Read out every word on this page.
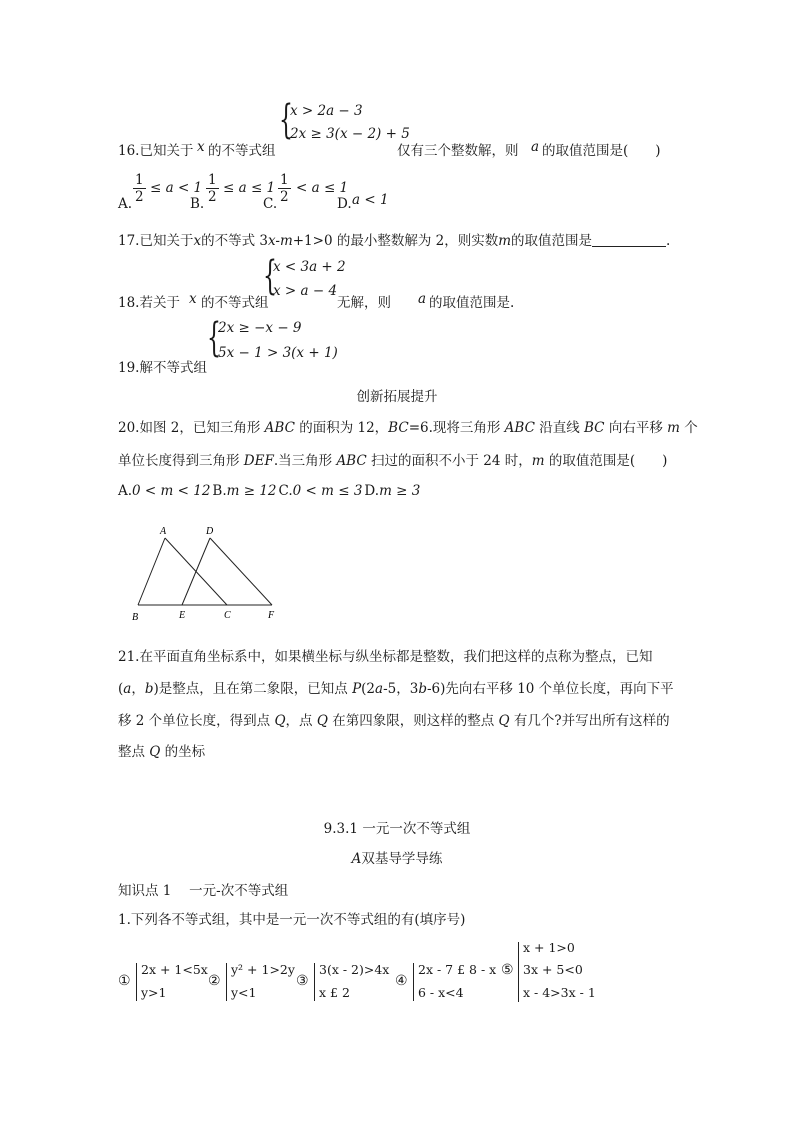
16.已知关于 x 的不等式组
{
x > 2a − 3
2x ≥ 3(x − 2) + 5
仅有三个整数解，则 a 的取值范围是(　　)
A. $\frac{1}{2} \le a < 1$
B. $\frac{1}{2} \le a \le 1$
C. $\frac{1}{2} < a \le 1$
D. a < 1
17.已知关于x的不等式 3x-m+1>0 的最小整数解为 2，则实数m的取值范围是	.
18.若关于 x 的不等式组
{
x < 3a + 2
x > a − 4
无解，则 a 的取值范围是.
19.解不等式组
{
2x ≥ −x − 9
5x − 1 > 3(x + 1)
创新拓展提升
20.如图 2，已知三角形 ABC 的面积为 12，BC=6.现将三角形 ABC 沿直线 BC 向右平移 m 个
单位长度得到三角形 DEF.当三角形 ABC 扫过的面积不小于 24 时，m 的取值范围是(　　)
A.0 < m < 12 B.m ≥ 12 C.0 < m ≤ 3 D.m ≥ 3
A	D
B	E	C	F
21.在平面直角坐标系中，如果横坐标与纵坐标都是整数，我们把这样的点称为整点，已知
(a，b)是整点，且在第二象限，已知点 P(2a-5，3b-6)先向右平移 10 个单位长度，再向下平
移 2 个单位长度，得到点 Q，点 Q 在第四象限，则这样的整点 Q 有几个?并写出所有这样的
整点 Q 的坐标
9.3.1 一元一次不等式组
A双基导学导练
知识点 1　 一元-次不等式组
1.下列各不等式组，其中是一元一次不等式组的有(填序号)
①
2x + 1<5x
y>1
②
y² + 1>2y
y<1
③
3(x - 2)>4x
x £ 2
④
2x - 7 £ 8 - x
6 - x<4
⑤
x + 1>0
3x + 5<0
x - 4>3x - 1
